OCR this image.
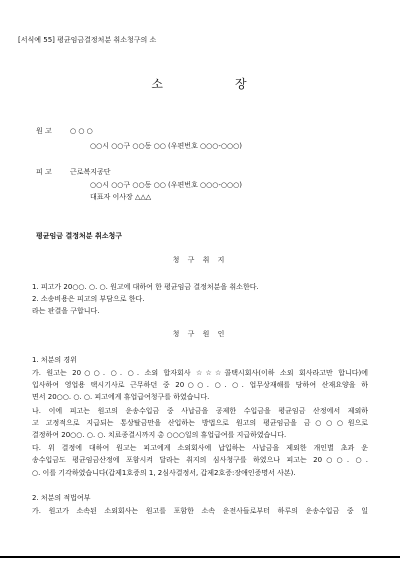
[서식예 55] 평균임금결정처분 취소청구의 소
소	장
원 고	○ ○ ○
○○시 ○○구 ○○동 ○○ (우편번호 ○○○-○○○)
피 고	근로복지공단
○○시 ○○구 ○○동 ○○ (우편번호 ○○○-○○○)
대표자 이사장 △△△
평균임금 결정처분 취소청구
청 구 취 지
1. 피고가 20○○. ○. ○. 원고에 대하여 한 평균임금 결정처분을 취소한다.
2. 소송비용은 피고의 부담으로 한다.
라는 판결을 구합니다.
청 구 원 인
1. 처분의 경위
가. 원고는 20○○. ○. ○. 소외 합자회사 ☆☆☆콜택시회사(이하 소외 회사라고만 합니다)에
입사하여 영업용 택시기사로 근무하던 중 20○○. ○. ○. 업무상재해를 당하여 산재요양을 하
면서 20○○. ○. ○. 피고에게 휴업급여청구를 하였습니다.
나. 이에 피고는 원고의 운송수입금 중 사납금을 공제한 수입금을 평균임금 산정에서 제외하
고 고정적으로 지급되는 통상탈금만을 산입하는 방법으로 원고의 평균임금을 금○○○원으로
결정하여 20○○. ○. ○. 치료종결시까지 총 ○○○일의 휴업급여를 지급하였습니다.
다. 위 결정에 대하여 원고는 피고에게 소외회사에 납입하는 사납금을 제외한 개인별 초과 운
송수입금도 평균임금산정에 포함시켜 달라는 취지의 심사청구를 하였으나 피고는 20○○. ○.
○. 이를 기각하였습니다(갑제1호증의 1, 2심사결정서, 갑제2호증:장애인증명서 사본).
2. 처분의 적법여부
가. 원고가 소속된 소외회사는 원고를 포함한 소속 운전사들로부터 하루의 운송수입금 중 일
